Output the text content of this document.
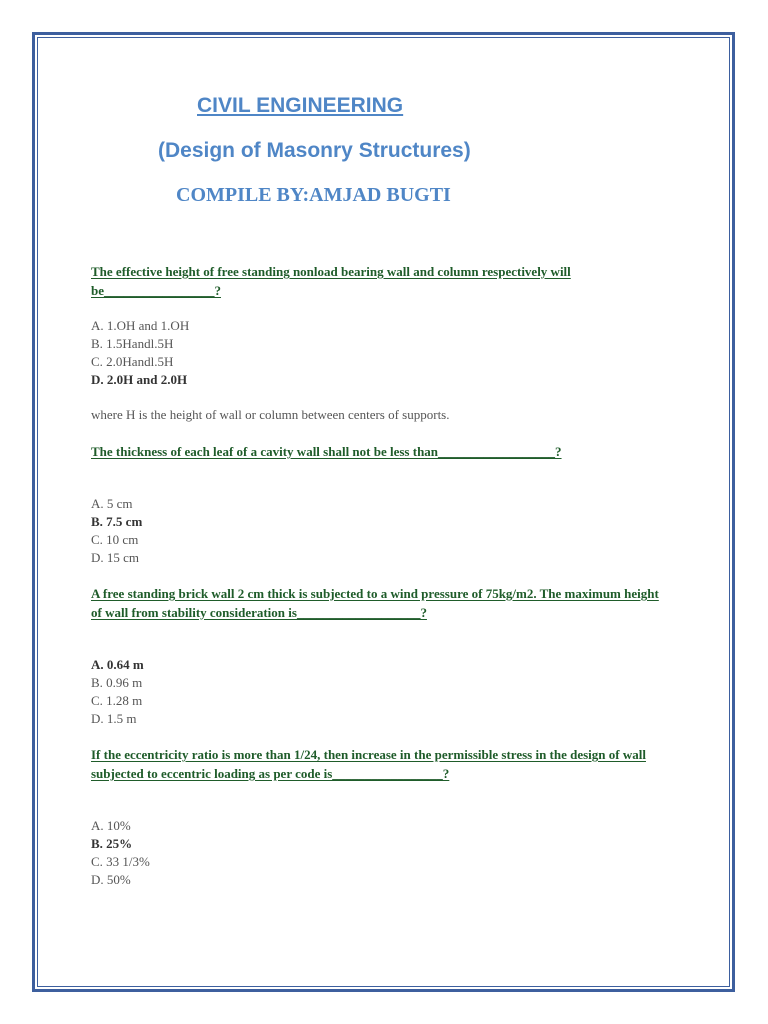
CIVIL ENGINEERING
(Design of Masonry Structures)
COMPILE BY:AMJAD BUGTI

The effective height of free standing nonload bearing wall and column respectively will be_________________?

A. 1.OH and 1.OH
B. 1.5Handl.5H
C. 2.0Handl.5H
D. 2.0H and 2.0H

where H is the height of wall or column between centers of supports.

The thickness of each leaf of a cavity wall shall not be less than__________________?

A. 5 cm
B. 7.5 cm
C. 10 cm
D. 15 cm

A free standing brick wall 2 cm thick is subjected to a wind pressure of 75kg/m2. The maximum height of wall from stability consideration is___________________?

A. 0.64 m
B. 0.96 m
C. 1.28 m
D. 1.5 m

If the eccentricity ratio is more than 1/24, then increase in the permissible stress in the design of wall subjected to eccentric loading as per code is_________________?

A. 10%
B. 25%
C. 33 1/3%
D. 50%
